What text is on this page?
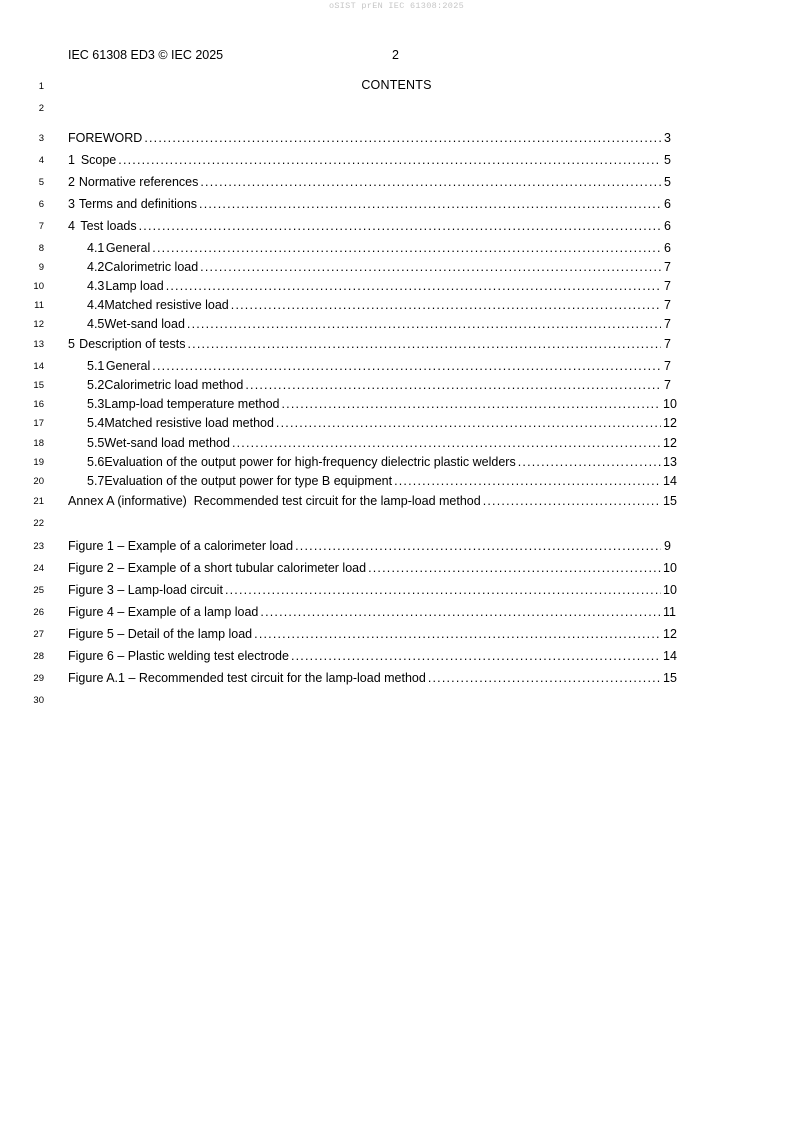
oSIST prEN IEC 61308:2025
IEC 61308 ED3 © IEC 2025	2
1	CONTENTS
2
3 FOREWORD .....	3
4 1 Scope .....	5
5 2 Normative references .....	5
6 3 Terms and definitions .....	6
7 4 Test loads .....	6
8	4.1 General .....	6
9	4.2 Calorimetric load .....	7
10	4.3 Lamp load .....	7
11	4.4 Matched resistive load .....	7
12	4.5 Wet-sand load .....	7
13 5 Description of tests .....	7
14	5.1 General .....	7
15	5.2 Calorimetric load method .....	7
16	5.3 Lamp-load temperature method .....	10
17	5.4 Matched resistive load method .....	12
18	5.5 Wet-sand load method .....	12
19	5.6 Evaluation of the output power for high-frequency dielectric plastic welders .....	13
20	5.7 Evaluation of the output power for type B equipment .....	14
21 Annex A (informative)  Recommended test circuit for the lamp-load method .....	15
22
23 Figure 1 – Example of a calorimeter load .....	9
24 Figure 2 – Example of a short tubular calorimeter load .....	10
25 Figure 3 – Lamp-load circuit .....	10
26 Figure 4 – Example of a lamp load .....	11
27 Figure 5 – Detail of the lamp load .....	12
28 Figure 6 – Plastic welding test electrode .....	14
29 Figure A.1 – Recommended test circuit for the lamp-load method .....	15
30
